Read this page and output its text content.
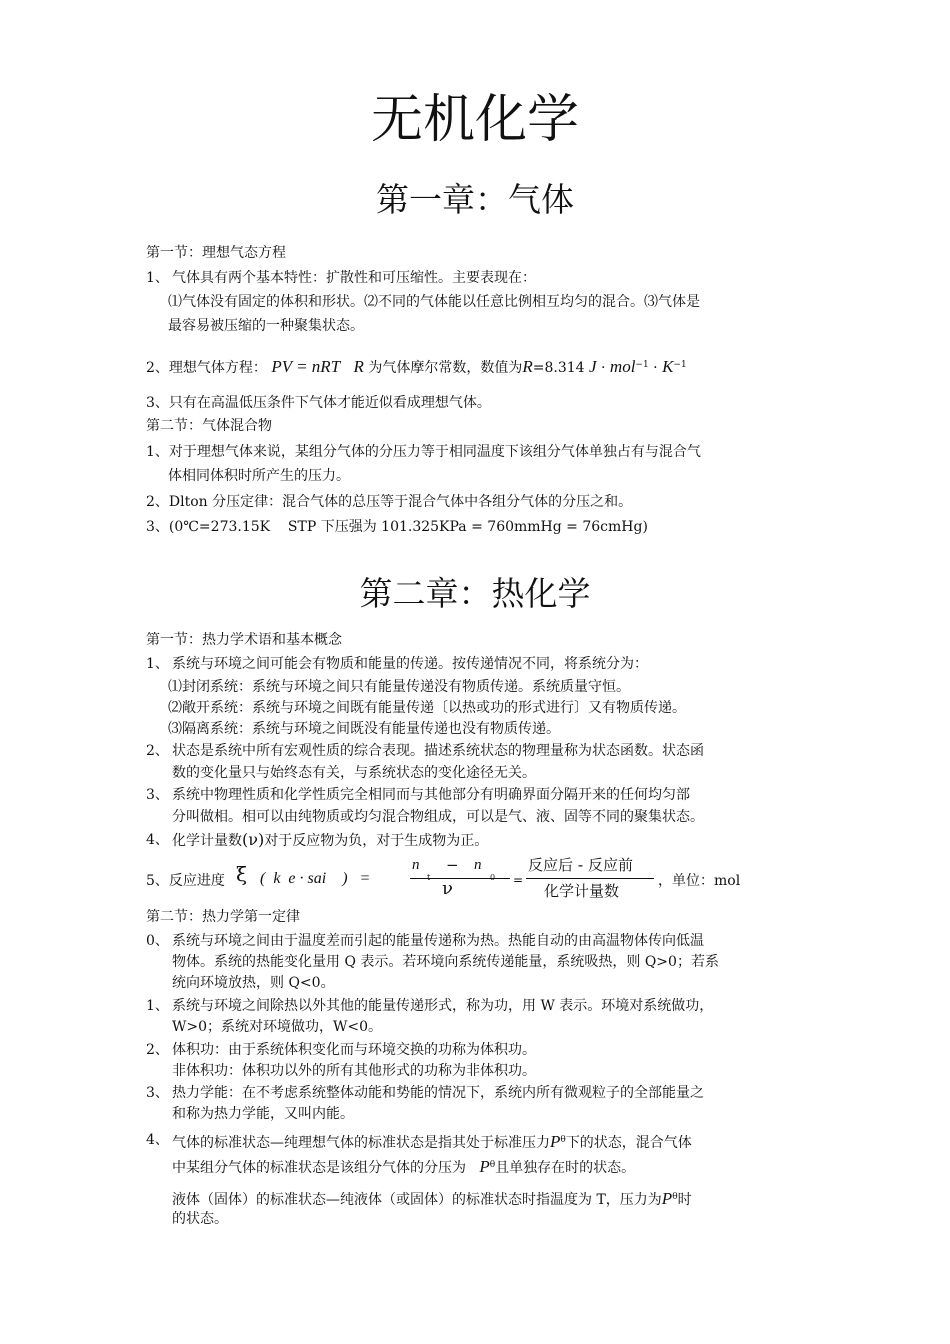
无机化学
第一章：气体
第一节：理想气态方程
1、 气体具有两个基本特性：扩散性和可压缩性。主要表现在：
⑴气体没有固定的体积和形状。⑵不同的气体能以任意比例相互均匀的混合。⑶气体是
最容易被压缩的一种聚集状态。
2、理想气体方程： PV = nRT R 为气体摩尔常数，数值为R=8.314 $J \cdot mol^{-1} \cdot K^{-1}$
3、只有在高温低压条件下气体才能近似看成理想气体。
第二节：气体混合物
1、对于理想气体来说，某组分气体的分压力等于相同温度下该组分气体单独占有与混合气
体相同体积时所产生的压力。
2、Dlton 分压定律：混合气体的总压等于混合气体中各组分气体的分压之和。
3、(0℃=273.15K    STP 下压强为 101.325KPa = 760mmHg = 76cmHg)
第二章：热化学
第一节：热力学术语和基本概念
1、 系统与环境之间可能会有物质和能量的传递。按传递情况不同，将系统分为：
⑴封闭系统：系统与环境之间只有能量传递没有物质传递。系统质量守恒。
⑵敞开系统：系统与环境之间既有能量传递〔以热或功的形式进行〕又有物质传递。
⑶隔离系统：系统与环境之间既没有能量传递也没有物质传递。
2、 状态是系统中所有宏观性质的综合表现。描述系统状态的物理量称为状态函数。状态函
数的变化量只与始终态有关，与系统状态的变化途径无关。
3、 系统中物理性质和化学性质完全相同而与其他部分有明确界面分隔开来的任何均匀部
分叫做相。相可以由纯物质或均匀混合物组成，可以是气、液、固等不同的聚集状态。
4、 化学计量数(ν)对于反应物为负，对于生成物为正。
5、反应进度 ξ (  k  e · sai    )   =
n − n
ν	=
反应后 - 反应前
化学计量数
，单位：mol
第二节：热力学第一定律
0、 系统与环境之间由于温度差而引起的能量传递称为热。热能自动的由高温物体传向低温
物体。系统的热能变化量用 Q 表示。若环境向系统传递能量，系统吸热，则 Q>0；若系
统向环境放热，则 Q<0。
1、 系统与环境之间除热以外其他的能量传递形式，称为功，用 W 表示。环境对系统做功，
W>0；系统对环境做功，W<0。
2、 体积功：由于系统体积变化而与环境交换的功称为体积功。
非体积功：体积功以外的所有其他形式的功称为非体积功。
3、 热力学能：在不考虑系统整体动能和势能的情况下，系统内所有微观粒子的全部能量之
和称为热力学能，又叫内能。
4、 气体的标准状态—纯理想气体的标准状态是指其处于标准压力$P^\theta$下的状态，混合气体
中某组分气体的标准状态是该组分气体的分压为 $P^\theta$且单独存在时的状态。
液体（固体）的标准状态—纯液体（或固体）的标准状态时指温度为 T，压力为$P^\theta$时
的状态。
